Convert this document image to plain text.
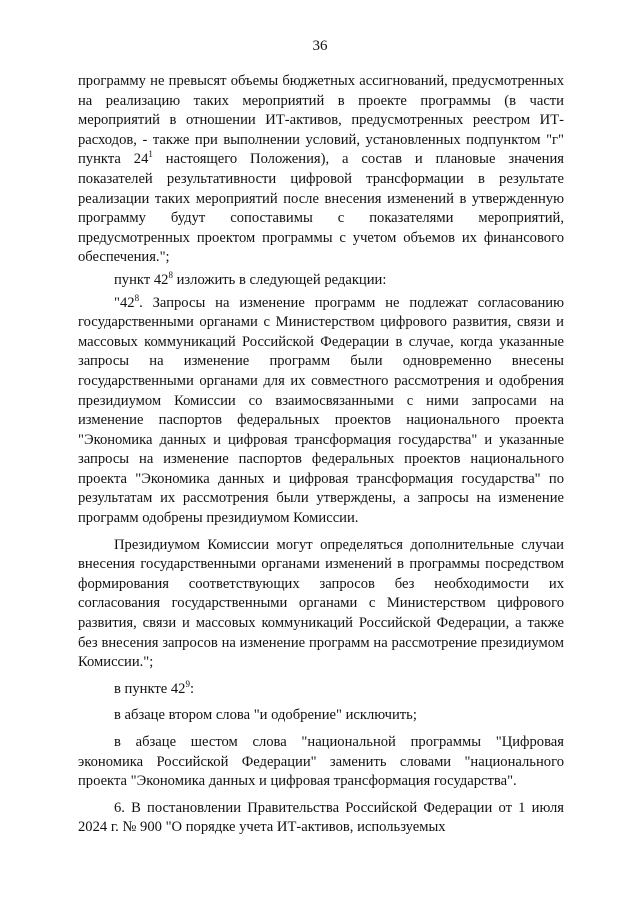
36

программу не превысят объемы бюджетных ассигнований, предусмотренных на реализацию таких мероприятий в проекте программы (в части мероприятий в отношении ИТ-активов, предусмотренных реестром ИТ-расходов, - также при выполнении условий, установленных подпунктом "г" пункта $24^1$ настоящего Положения), а состав и плановые значения показателей результативности цифровой трансформации в результате реализации таких мероприятий после внесения изменений в утвержденную программу будут сопоставимы с показателями мероприятий, предусмотренных проектом программы с учетом объемов их финансового обеспечения.";

пункт $42^8$ изложить в следующей редакции:

"$42^8$. Запросы на изменение программ не подлежат согласованию государственными органами с Министерством цифрового развития, связи и массовых коммуникаций Российской Федерации в случае, когда указанные запросы на изменение программ были одновременно внесены государственными органами для их совместного рассмотрения и одобрения президиумом Комиссии со взаимосвязанными с ними запросами на изменение паспортов федеральных проектов национального проекта "Экономика данных и цифровая трансформация государства" и указанные запросы на изменение паспортов федеральных проектов национального проекта "Экономика данных и цифровая трансформация государства" по результатам их рассмотрения были утверждены, а запросы на изменение программ одобрены президиумом Комиссии.

Президиумом Комиссии могут определяться дополнительные случаи внесения государственными органами изменений в программы посредством формирования соответствующих запросов без необходимости их согласования государственными органами с Министерством цифрового развития, связи и массовых коммуникаций Российской Федерации, а также без внесения запросов на изменение программ на рассмотрение президиумом Комиссии.";

в пункте $42^9$:

в абзаце втором слова "и одобрение" исключить;

в абзаце шестом слова "национальной программы "Цифровая экономика Российской Федерации" заменить словами "национального проекта "Экономика данных и цифровая трансформация государства".

6. В постановлении Правительства Российской Федерации от 1 июля 2024 г. № 900 "О порядке учета ИТ-активов, используемых
